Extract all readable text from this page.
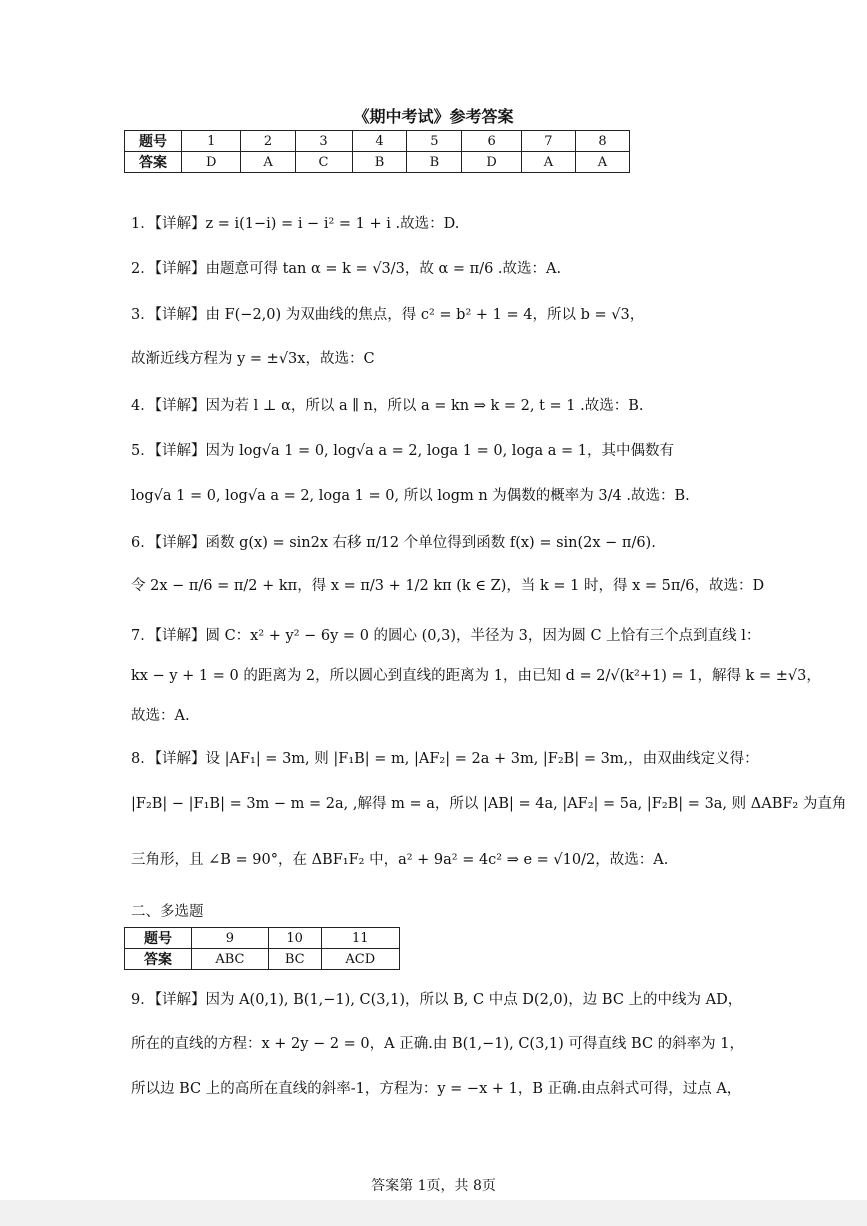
《期中考试》参考答案
题号	1	2	3	4	5	6	7	8
答案	D	A	C	B	B	D	A	A
1．【详解】z = i(1−i) = i − i² = 1 + i .故选：D.
2．【详解】由题意可得 tan α = k = √3/3，故 α = π/6 .故选：A.
3．【详解】由 F(−2,0) 为双曲线的焦点，得 c² = b² + 1 = 4，所以 b = √3，
故渐近线方程为 y = ±√3x，故选：C
4．【详解】因为若 l ⊥ α，所以 a ∥ n，所以 a = kn ⇒ k = 2, t = 1 .故选：B.
5．【详解】因为 log√a 1 = 0, log√a a = 2, loga 1 = 0, loga a = 1，其中偶数有
log√a 1 = 0, log√a a = 2, loga 1 = 0, 所以 logm n 为偶数的概率为 3/4 .故选：B.
6．【详解】函数 g(x) = sin2x 右移 π/12 个单位得到函数 f(x) = sin(2x − π/6).
令 2x − π/6 = π/2 + kπ，得 x = π/3 + 1/2 kπ (k ∈ Z)，当 k = 1 时，得 x = 5π/6，故选：D
7．【详解】圆 C：x² + y² − 6y = 0 的圆心 (0,3)，半径为 3，因为圆 C 上恰有三个点到直线 l：
kx − y + 1 = 0 的距离为 2，所以圆心到直线的距离为 1，由已知 d = 2/√(k²+1) = 1，解得 k = ±√3，
故选：A.
8．【详解】设 |AF₁| = 3m, 则 |F₁B| = m, |AF₂| = 2a + 3m, |F₂B| = 3m,，由双曲线定义得：
|F₂B| − |F₁B| = 3m − m = 2a, ,解得 m = a，所以 |AB| = 4a, |AF₂| = 5a, |F₂B| = 3a, 则 ΔABF₂ 为直角
三角形，且 ∠B = 90°，在 ΔBF₁F₂ 中，a² + 9a² = 4c² ⇒ e = √10/2，故选：A.
二、多选题
题号	9	10	11
答案	ABC	BC	ACD
9．【详解】因为 A(0,1), B(1,−1), C(3,1)，所以 B, C 中点 D(2,0)，边 BC 上的中线为 AD，
所在的直线的方程：x + 2y − 2 = 0，A 正确.由 B(1,−1), C(3,1) 可得直线 BC 的斜率为 1，
所以边 BC 上的高所在直线的斜率-1，方程为：y = −x + 1，B 正确.由点斜式可得，过点 A，
答案第 1页，共 8页
